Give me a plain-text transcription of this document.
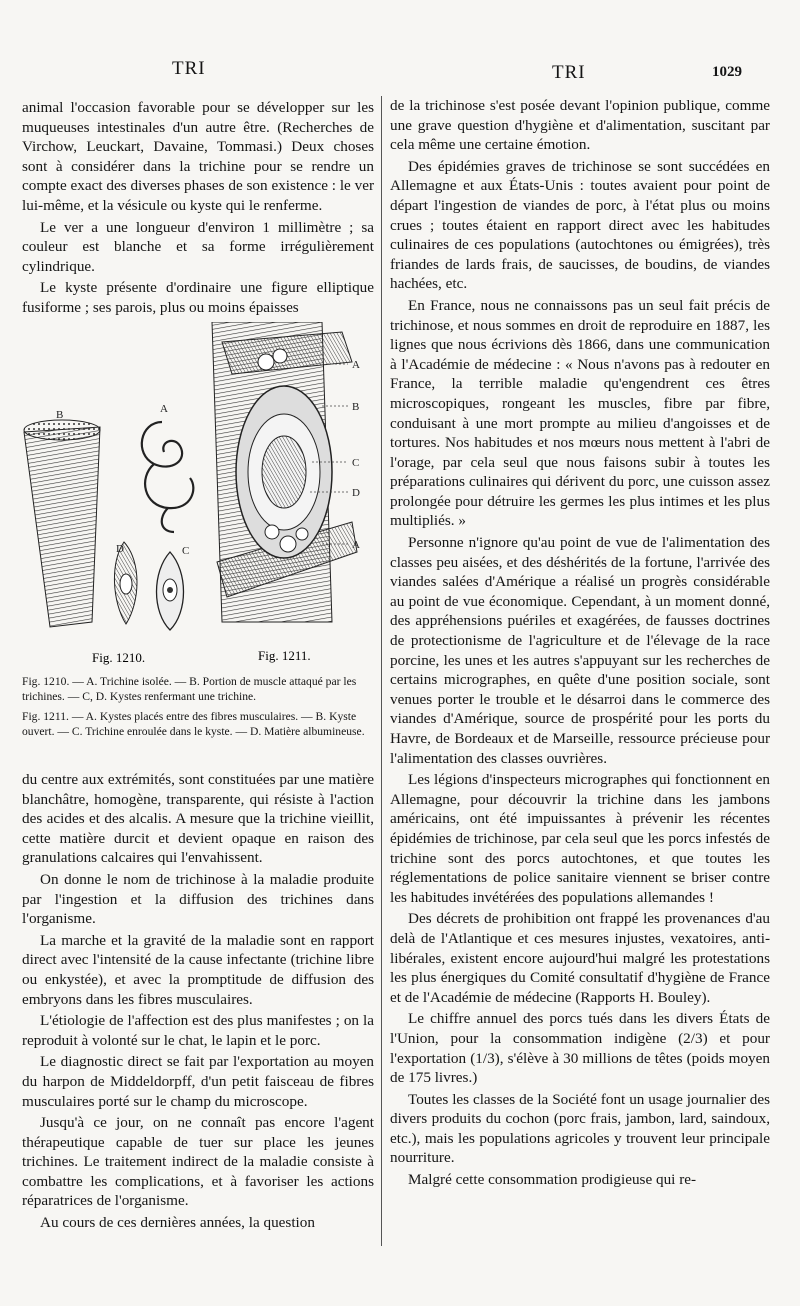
TRI	TRI	1029

animal l'occasion favorable pour se développer sur les muqueuses intestinales d'un autre être. (Recherches de Virchow, Leuckart, Davaine, Tommasi.) Deux choses sont à considérer dans la trichine pour se rendre un compte exact des diverses phases de son existence : le ver lui-même, et la vésicule ou kyste qui le renferme.

Le ver a une longueur d'environ 1 millimètre ; sa couleur est blanche et sa forme irrégulièrement cylindrique.

Le kyste présente d'ordinaire une figure elliptique fusiforme ; ses parois, plus ou moins épaisses

B	A
D	C
A
B
C
D
A
Fig. 1210.	Fig. 1211.

Fig. 1210. — A. Trichine isolée. — B. Portion de muscle attaqué par les trichines. — C, D. Kystes renfermant une trichine.

Fig. 1211. — A. Kystes placés entre des fibres musculaires. — B. Kyste ouvert. — C. Trichine enroulée dans le kyste. — D. Matière albumineuse.

du centre aux extrémités, sont constituées par une matière blanchâtre, homogène, transparente, qui résiste à l'action des acides et des alcalis. A mesure que la trichine vieillit, cette matière durcit et devient opaque en raison des granulations calcaires qui l'envahissent.

On donne le nom de trichinose à la maladie produite par l'ingestion et la diffusion des trichines dans l'organisme.

La marche et la gravité de la maladie sont en rapport direct avec l'intensité de la cause infectante (trichine libre ou enkystée), et avec la promptitude de diffusion des embryons dans les fibres musculaires.

L'étiologie de l'affection est des plus manifestes ; on la reproduit à volonté sur le chat, le lapin et le porc.

Le diagnostic direct se fait par l'exportation au moyen du harpon de Middeldorpff, d'un petit faisceau de fibres musculaires porté sur le champ du microscope.

Jusqu'à ce jour, on ne connaît pas encore l'agent thérapeutique capable de tuer sur place les jeunes trichines. Le traitement indirect de la maladie consiste à combattre les complications, et à favoriser les actions réparatrices de l'organisme.

Au cours de ces dernières années, la question

de la trichinose s'est posée devant l'opinion publique, comme une grave question d'hygiène et d'alimentation, suscitant par cela même une certaine émotion.

Des épidémies graves de trichinose se sont succédées en Allemagne et aux États-Unis : toutes avaient pour point de départ l'ingestion de viandes de porc, à l'état plus ou moins crues ; toutes étaient en rapport direct avec les habitudes culinaires de ces populations (autochtones ou émigrées), très friandes de lards frais, de saucisses, de boudins, de viandes hachées, etc.

En France, nous ne connaissons pas un seul fait précis de trichinose, et nous sommes en droit de reproduire en 1887, les lignes que nous écrivions dès 1866, dans une communication à l'Académie de médecine : « Nous n'avons pas à redouter en France, la terrible maladie qu'engendrent ces êtres microscopiques, rongeant les muscles, fibre par fibre, conduisant à une mort prompte au milieu d'angoisses et de tortures. Nos habitudes et nos mœurs nous mettent à l'abri de l'orage, par cela seul que nous faisons subir à toutes les préparations culinaires qui dérivent du porc, une cuisson assez prolongée pour détruire les germes les plus intimes et les plus multipliés. »

Personne n'ignore qu'au point de vue de l'alimentation des classes peu aisées, et des déshérités de la fortune, l'arrivée des viandes salées d'Amérique a réalisé un progrès considérable au point de vue économique. Cependant, à un moment donné, des appréhensions puériles et exagérées, de fausses doctrines de protectionisme de l'agriculture et de l'élevage de la race porcine, les unes et les autres s'appuyant sur les recherches de certains micrographes, en quête d'une position sociale, sont venues porter le trouble et le désarroi dans le commerce des viandes d'Amérique, source de prospérité pour les ports du Havre, de Bordeaux et de Marseille, ressource précieuse pour l'alimentation des classes ouvrières.

Les légions d'inspecteurs micrographes qui fonctionnent en Allemagne, pour découvrir la trichine dans les jambons américains, ont été impuissantes à prévenir les récentes épidémies de trichinose, par cela seul que les porcs infestés de trichine sont des porcs autochtones, et que toutes les réglementations de police sanitaire viennent se briser contre les habitudes invétérées des populations allemandes !

Des décrets de prohibition ont frappé les provenances d'au delà de l'Atlantique et ces mesures injustes, vexatoires, anti-libérales, existent encore aujourd'hui malgré les protestations les plus énergiques du Comité consultatif d'hygiène de France et de l'Académie de médecine (Rapports H. Bouley).

Le chiffre annuel des porcs tués dans les divers États de l'Union, pour la consommation indigène (2/3) et pour l'exportation (1/3), s'élève à 30 millions de têtes (poids moyen de 175 livres.)

Toutes les classes de la Société font un usage journalier des divers produits du cochon (porc frais, jambon, lard, saindoux, etc.), mais les populations agricoles y trouvent leur principale nourriture.

Malgré cette consommation prodigieuse qui re-
